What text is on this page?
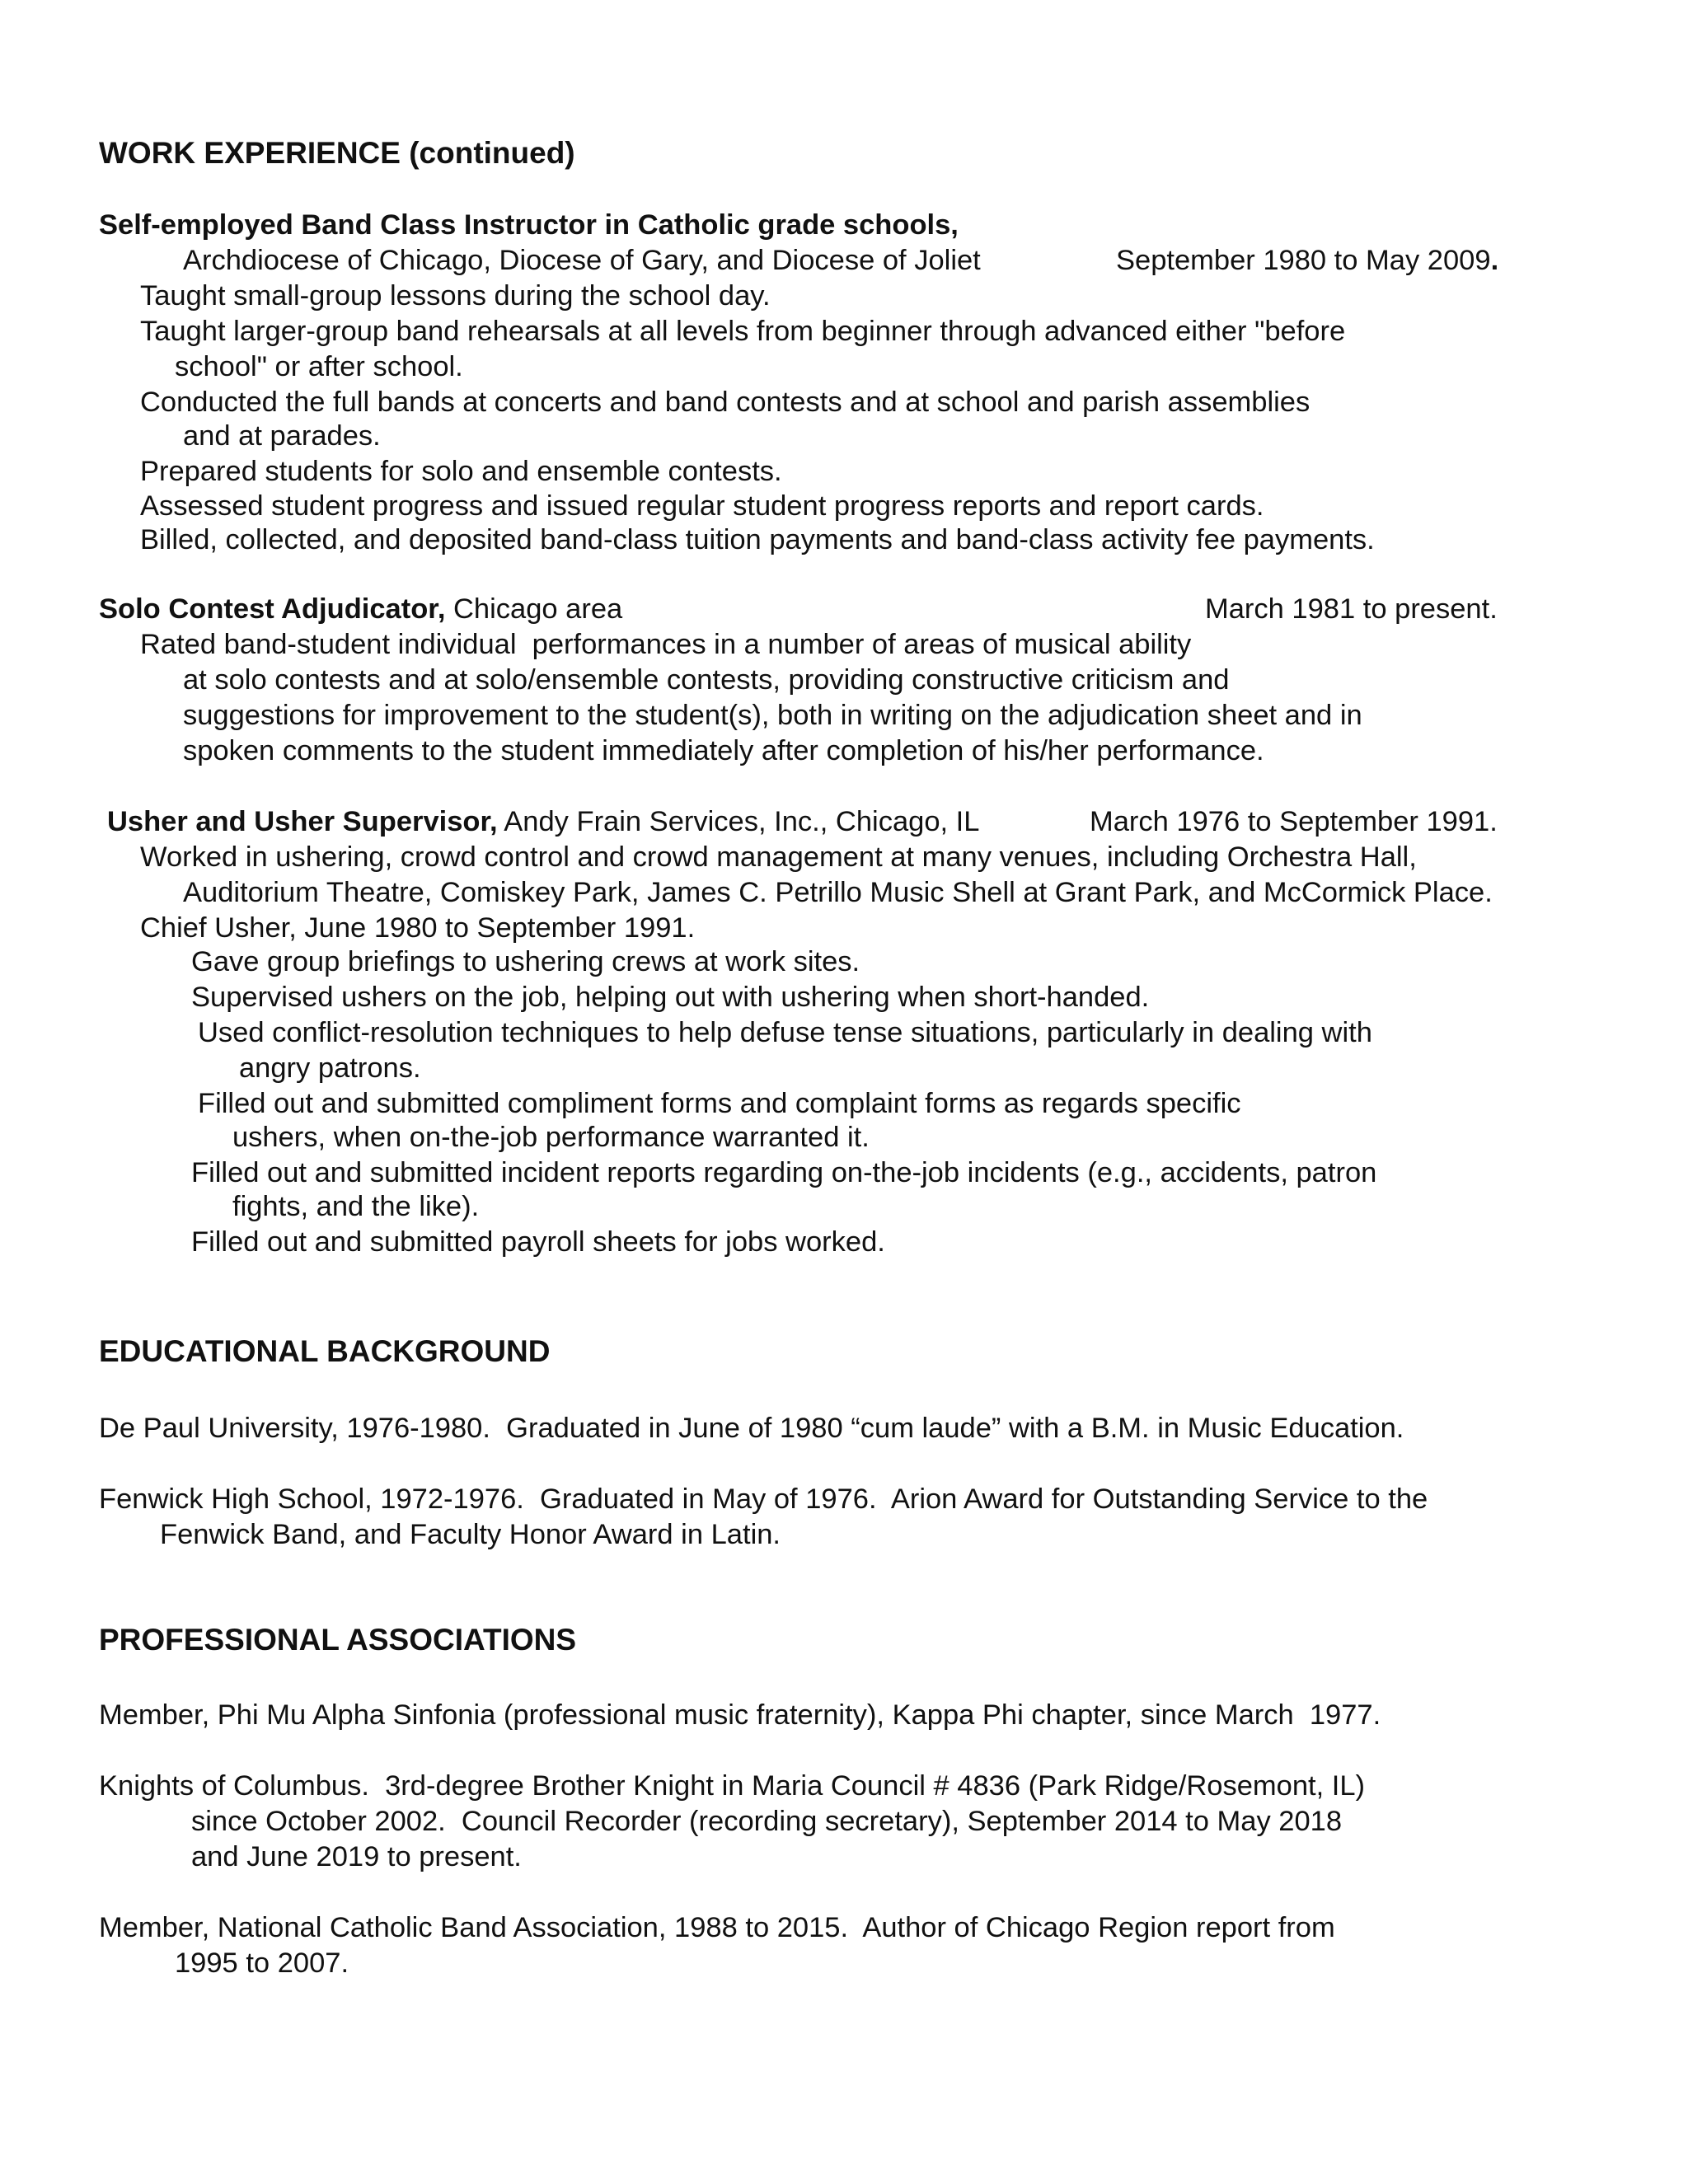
WORK EXPERIENCE (continued)
Self-employed Band Class Instructor in Catholic grade schools,
Archdiocese of Chicago, Diocese of Gary, and Diocese of Joliet	September 1980 to May 2009.
Taught small-group lessons during the school day.
Taught larger-group band rehearsals at all levels from beginner through advanced either "before
school" or after school.
Conducted the full bands at concerts and band contests and at school and parish assemblies
and at parades.
Prepared students for solo and ensemble contests.
Assessed student progress and issued regular student progress reports and report cards.
Billed, collected, and deposited band-class tuition payments and band-class activity fee payments.
Solo Contest Adjudicator, Chicago area	March 1981 to present.
Rated band-student individual  performances in a number of areas of musical ability
at solo contests and at solo/ensemble contests, providing constructive criticism and
suggestions for improvement to the student(s), both in writing on the adjudication sheet and in
spoken comments to the student immediately after completion of his/her performance.
Usher and Usher Supervisor, Andy Frain Services, Inc., Chicago, IL	March 1976 to September 1991.
Worked in ushering, crowd control and crowd management at many venues, including Orchestra Hall,
Auditorium Theatre, Comiskey Park, James C. Petrillo Music Shell at Grant Park, and McCormick Place.
Chief Usher, June 1980 to September 1991.
Gave group briefings to ushering crews at work sites.
Supervised ushers on the job, helping out with ushering when short-handed.
Used conflict-resolution techniques to help defuse tense situations, particularly in dealing with
angry patrons.
Filled out and submitted compliment forms and complaint forms as regards specific
ushers, when on-the-job performance warranted it.
Filled out and submitted incident reports regarding on-the-job incidents (e.g., accidents, patron
fights, and the like).
Filled out and submitted payroll sheets for jobs worked.
EDUCATIONAL BACKGROUND
De Paul University, 1976-1980.  Graduated in June of 1980 “cum laude” with a B.M. in Music Education.
Fenwick High School, 1972-1976.  Graduated in May of 1976.  Arion Award for Outstanding Service to the
Fenwick Band, and Faculty Honor Award in Latin.
PROFESSIONAL ASSOCIATIONS
Member, Phi Mu Alpha Sinfonia (professional music fraternity), Kappa Phi chapter, since March  1977.
Knights of Columbus.  3rd-degree Brother Knight in Maria Council # 4836 (Park Ridge/Rosemont, IL)
since October 2002.  Council Recorder (recording secretary), September 2014 to May 2018
and June 2019 to present.
Member, National Catholic Band Association, 1988 to 2015.  Author of Chicago Region report from
1995 to 2007.
